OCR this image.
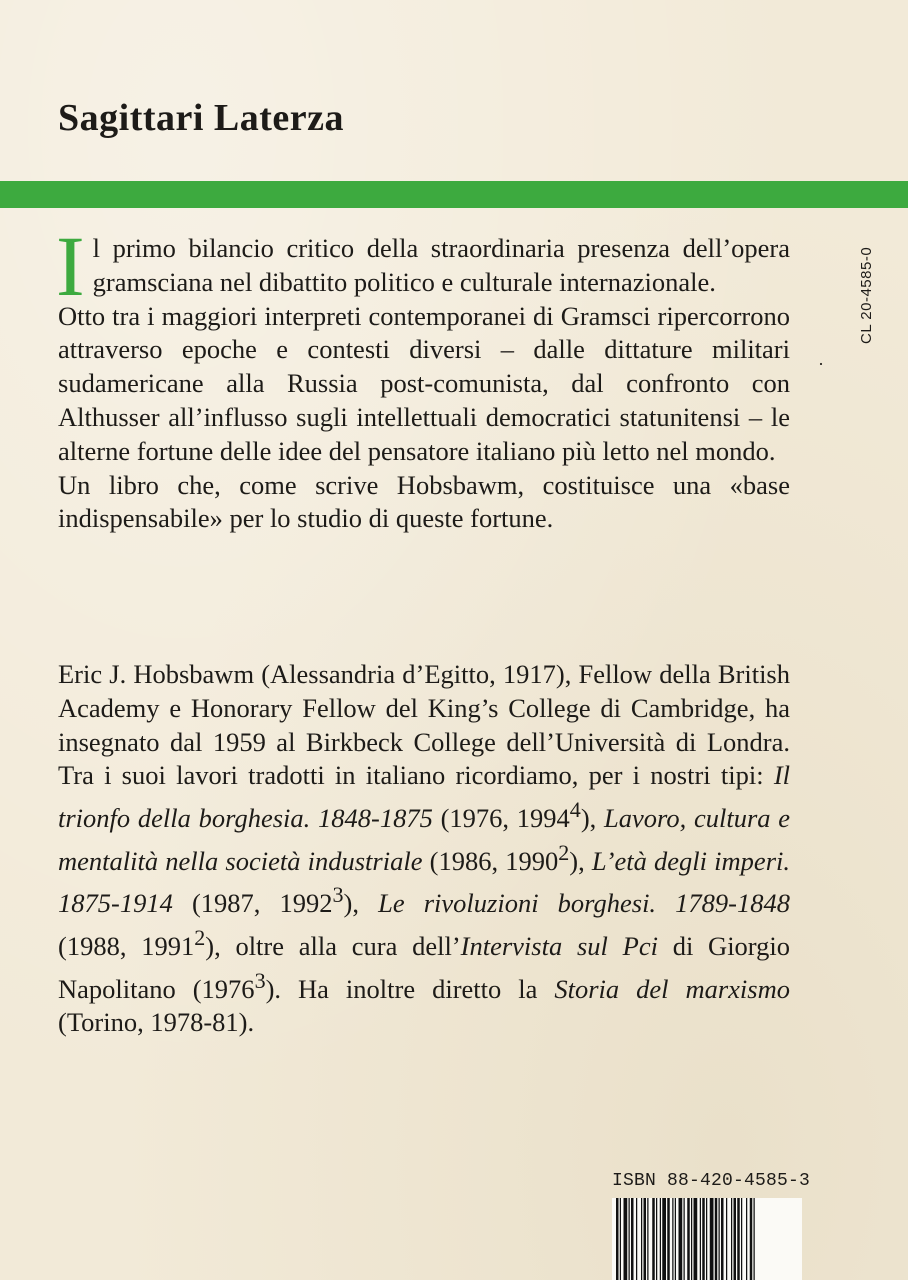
Sagittari Laterza
CL 20-4585-0
·

Il primo bilancio critico della straordinaria presenza dell’opera gramsciana nel dibattito politico e culturale internazionale.

Otto tra i maggiori interpreti contemporanei di Gramsci ripercorrono attraverso epoche e contesti diversi – dalle dittature militari sudamericane alla Russia post-comunista, dal confronto con Althusser all’influsso sugli intellettuali democratici statunitensi – le alterne fortune delle idee del pensatore italiano più letto nel mondo.

Un libro che, come scrive Hobsbawm, costituisce una «base indispensabile» per lo studio di queste fortune.

Eric J. Hobsbawm (Alessandria d’Egitto, 1917), Fellow della British Academy e Honorary Fellow del King’s College di Cambridge, ha insegnato dal 1959 al Birkbeck College dell’Università di Londra. Tra i suoi lavori tradotti in italiano ricordiamo, per i nostri tipi: Il trionfo della borghesia. 1848-1875 (1976, 1994$^4$), Lavoro, cultura e mentalità nella società industriale (1986, 1990$^2$), L’età degli imperi. 1875-1914 (1987, 1992$^3$), Le rivoluzioni borghesi. 1789-1848 (1988, 1991$^2$), oltre alla cura dell’Intervista sul Pci di Giorgio Napolitano (1976$^3$). Ha inoltre diretto la Storia del marxismo (Torino, 1978-81).

ISBN 88-420-4585-3
